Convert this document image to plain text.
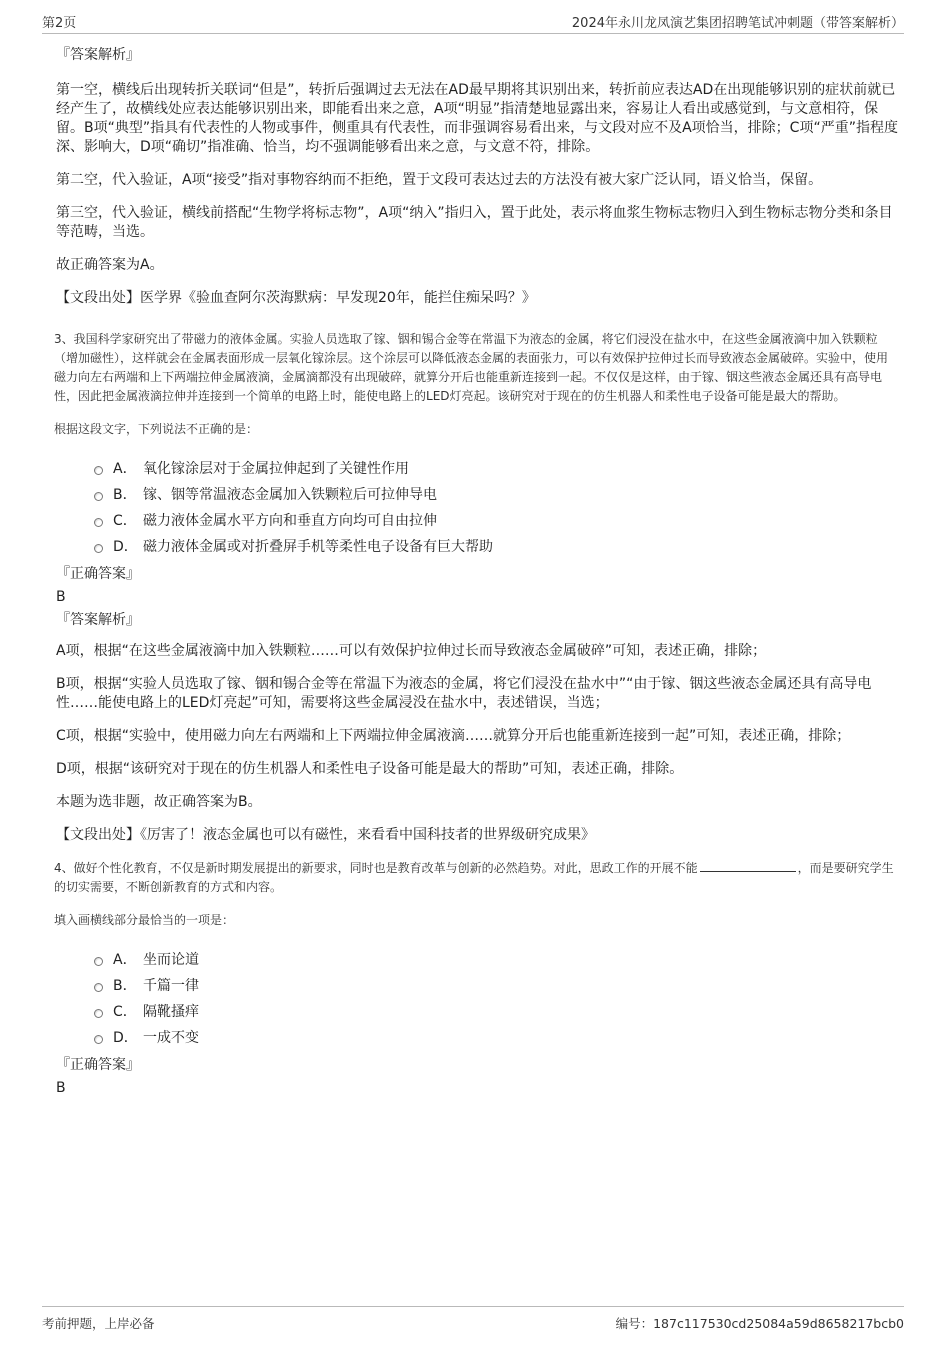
第2页	2024年永川龙凤演艺集团招聘笔试冲刺题（带答案解析）
『答案解析』

第一空，横线后出现转折关联词“但是”，转折后强调过去无法在AD最早期将其识别出来，转折前应表达AD在出现能够识别的症状前就已经产生了，故横线处应表达能够识别出来，即能看出来之意，A项“明显”指清楚地显露出来，容易让人看出或感觉到，与文意相符，保留。B项“典型”指具有代表性的人物或事件，侧重具有代表性，而非强调容易看出来，与文段对应不及A项恰当，排除；C项“严重”指程度深、影响大，D项“确切”指准确、恰当，均不强调能够看出来之意，与文意不符，排除。

第二空，代入验证，A项“接受”指对事物容纳而不拒绝，置于文段可表达过去的方法没有被大家广泛认同，语义恰当，保留。

第三空，代入验证，横线前搭配“生物学将标志物”，A项“纳入”指归入，置于此处，表示将血浆生物标志物归入到生物标志物分类和条目等范畴，当选。

故正确答案为A。

【文段出处】医学界《验血查阿尔茨海默病：早发现20年，能拦住痴呆吗？》

3、我国科学家研究出了带磁力的液体金属。实验人员选取了镓、铟和锡合金等在常温下为液态的金属，将它们浸没在盐水中，在这些金属液滴中加入铁颗粒（增加磁性），这样就会在金属表面形成一层氧化镓涂层。这个涂层可以降低液态金属的表面张力，可以有效保护拉伸过长而导致液态金属破碎。实验中，使用磁力向左右两端和上下两端拉伸金属液滴，金属滴都没有出现破碎，就算分开后也能重新连接到一起。不仅仅是这样，由于镓、铟这些液态金属还具有高导电性，因此把金属液滴拉伸并连接到一个简单的电路上时，能使电路上的LED灯亮起。该研究对于现在的仿生机器人和柔性电子设备可能是最大的帮助。

根据这段文字，下列说法不正确的是：

A． 氧化镓涂层对于金属拉伸起到了关键性作用
B． 镓、铟等常温液态金属加入铁颗粒后可拉伸导电
C． 磁力液体金属水平方向和垂直方向均可自由拉伸
D． 磁力液体金属或对折叠屏手机等柔性电子设备有巨大帮助
『正确答案』
B
『答案解析』

A项，根据“在这些金属液滴中加入铁颗粒……可以有效保护拉伸过长而导致液态金属破碎”可知，表述正确，排除；

B项，根据“实验人员选取了镓、铟和锡合金等在常温下为液态的金属，将它们浸没在盐水中”“由于镓、铟这些液态金属还具有高导电性……能使电路上的LED灯亮起”可知，需要将这些金属浸没在盐水中，表述错误，当选；

C项，根据“实验中，使用磁力向左右两端和上下两端拉伸金属液滴……就算分开后也能重新连接到一起”可知，表述正确，排除；

D项，根据“该研究对于现在的仿生机器人和柔性电子设备可能是最大的帮助”可知，表述正确，排除。

本题为选非题，故正确答案为B。

【文段出处】《厉害了！液态金属也可以有磁性，来看看中国科技者的世界级研究成果》

4、做好个性化教育，不仅是新时期发展提出的新要求，同时也是教育改革与创新的必然趋势。对此，思政工作的开展不能	，而是要研究学生的切实需要，不断创新教育的方式和内容。

填入画横线部分最恰当的一项是：

A． 坐而论道
B． 千篇一律
C． 隔靴搔痒
D． 一成不变
『正确答案』
B
考前押题，上岸必备	编号：187c117530cd25084a59d8658217bcb0
